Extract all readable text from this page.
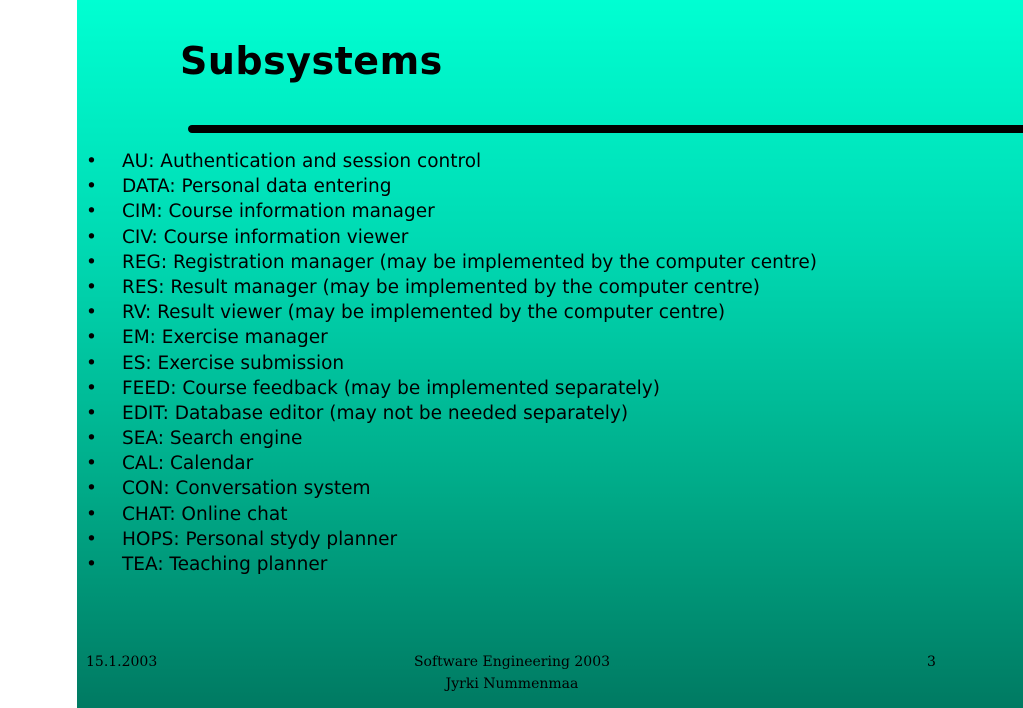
Subsystems
•	AU: Authentication and session control
•	DATA: Personal data entering
•	CIM: Course information manager
•	CIV: Course information viewer
•	REG: Registration manager (may be implemented by the computer centre)
•	RES: Result manager (may be implemented by the computer centre)
•	RV: Result viewer (may be implemented by the computer centre)
•	EM: Exercise manager
•	ES: Exercise submission
•	FEED: Course feedback (may be implemented separately)
•	EDIT: Database editor (may not be needed separately)
•	SEA: Search engine
•	CAL: Calendar
•	CON: Conversation system
•	CHAT: Online chat
•	HOPS: Personal stydy planner
•	TEA: Teaching planner
15.1.2003	Software Engineering 2003
Jyrki Nummenmaa
3
